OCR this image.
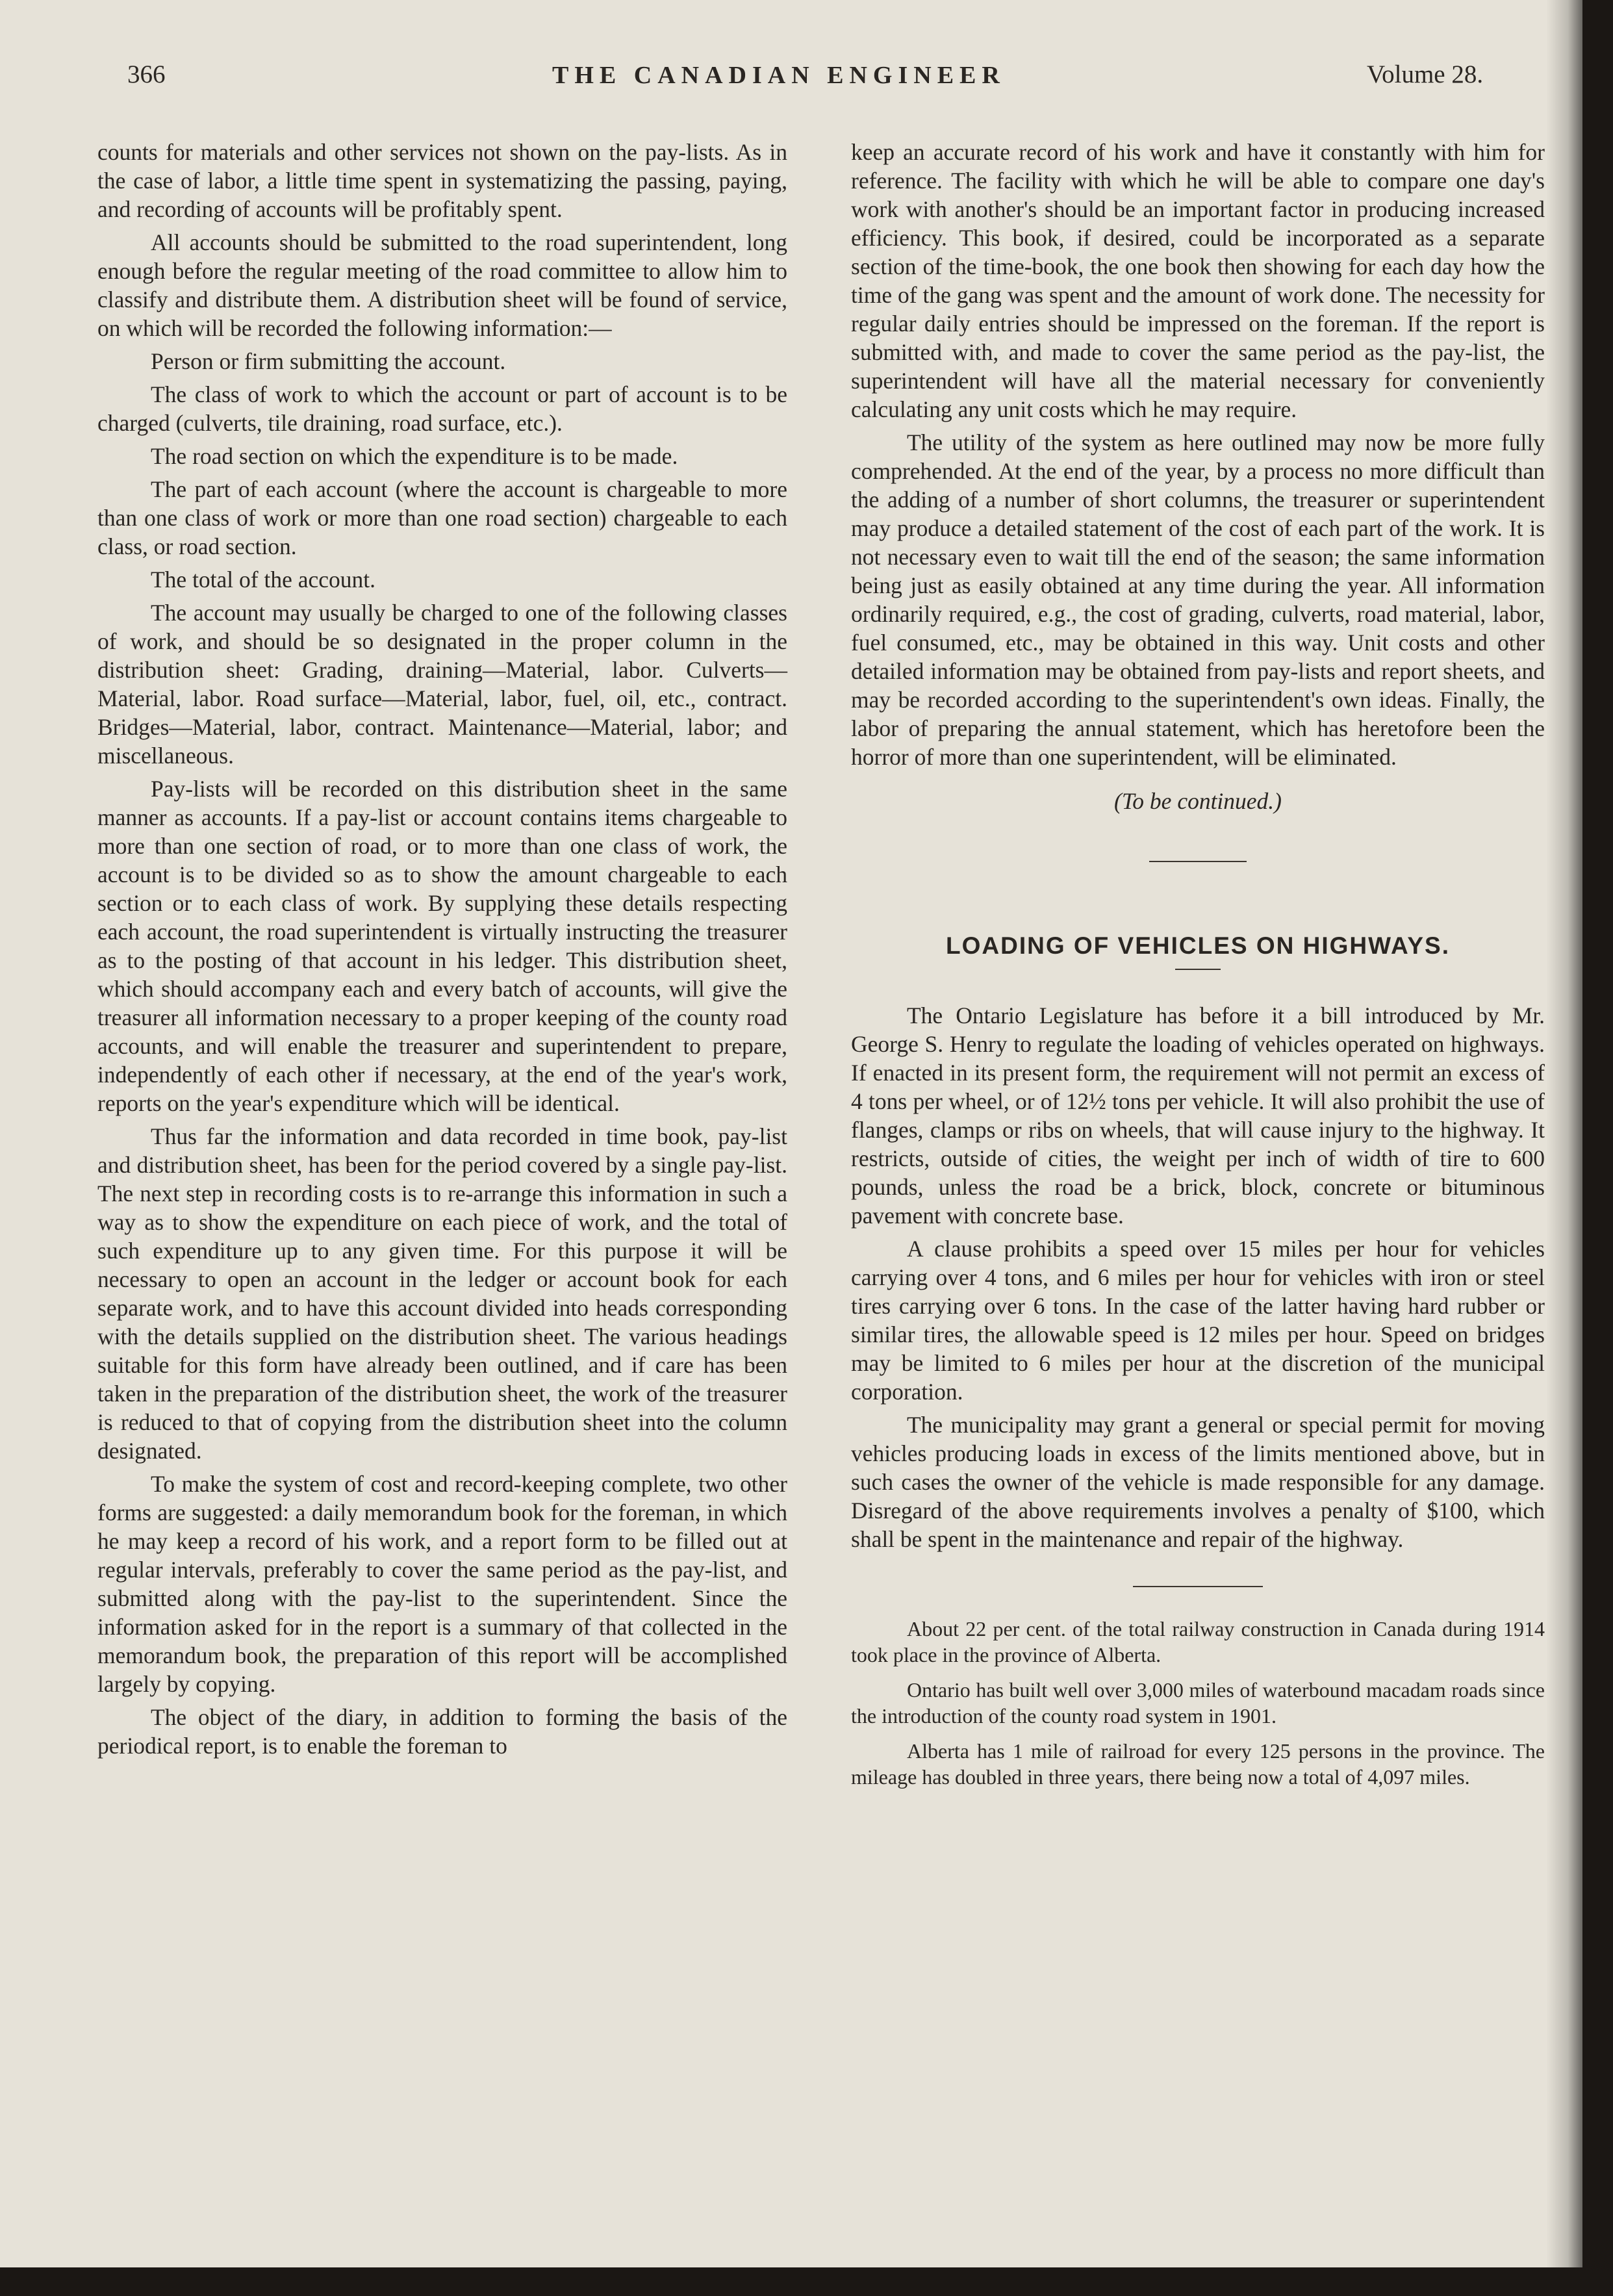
366	THE CANADIAN ENGINEER	Volume 28.

counts for materials and other services not shown on the pay-lists. As in the case of labor, a little time spent in systematizing the passing, paying, and recording of accounts will be profitably spent.

All accounts should be submitted to the road superintendent, long enough before the regular meeting of the road committee to allow him to classify and distribute them. A distribution sheet will be found of service, on which will be recorded the following information:—

Person or firm submitting the account.

The class of work to which the account or part of account is to be charged (culverts, tile draining, road surface, etc.).

The road section on which the expenditure is to be made.

The part of each account (where the account is chargeable to more than one class of work or more than one road section) chargeable to each class, or road section.

The total of the account.

The account may usually be charged to one of the following classes of work, and should be so designated in the proper column in the distribution sheet: Grading, draining—Material, labor. Culverts—Material, labor. Road surface—Material, labor, fuel, oil, etc., contract. Bridges—Material, labor, contract. Maintenance—Material, labor; and miscellaneous.

Pay-lists will be recorded on this distribution sheet in the same manner as accounts. If a pay-list or account contains items chargeable to more than one section of road, or to more than one class of work, the account is to be divided so as to show the amount chargeable to each section or to each class of work. By supplying these details respecting each account, the road superintendent is virtually instructing the treasurer as to the posting of that account in his ledger. This distribution sheet, which should accompany each and every batch of accounts, will give the treasurer all information necessary to a proper keeping of the county road accounts, and will enable the treasurer and superintendent to prepare, independently of each other if necessary, at the end of the year's work, reports on the year's expenditure which will be identical.

Thus far the information and data recorded in time book, pay-list and distribution sheet, has been for the period covered by a single pay-list. The next step in recording costs is to re-arrange this information in such a way as to show the expenditure on each piece of work, and the total of such expenditure up to any given time. For this purpose it will be necessary to open an account in the ledger or account book for each separate work, and to have this account divided into heads corresponding with the details supplied on the distribution sheet. The various headings suitable for this form have already been outlined, and if care has been taken in the preparation of the distribution sheet, the work of the treasurer is reduced to that of copying from the distribution sheet into the column designated.

To make the system of cost and record-keeping complete, two other forms are suggested: a daily memorandum book for the foreman, in which he may keep a record of his work, and a report form to be filled out at regular intervals, preferably to cover the same period as the pay-list, and submitted along with the pay-list to the superintendent. Since the information asked for in the report is a summary of that collected in the memorandum book, the preparation of this report will be accomplished largely by copying.

The object of the diary, in addition to forming the basis of the periodical report, is to enable the foreman to

keep an accurate record of his work and have it constantly with him for reference. The facility with which he will be able to compare one day's work with another's should be an important factor in producing increased efficiency. This book, if desired, could be incorporated as a separate section of the time-book, the one book then showing for each day how the time of the gang was spent and the amount of work done. The necessity for regular daily entries should be impressed on the foreman. If the report is submitted with, and made to cover the same period as the pay-list, the superintendent will have all the material necessary for conveniently calculating any unit costs which he may require.

The utility of the system as here outlined may now be more fully comprehended. At the end of the year, by a process no more difficult than the adding of a number of short columns, the treasurer or superintendent may produce a detailed statement of the cost of each part of the work. It is not necessary even to wait till the end of the season; the same information being just as easily obtained at any time during the year. All information ordinarily required, e.g., the cost of grading, culverts, road material, labor, fuel consumed, etc., may be obtained in this way. Unit costs and other detailed information may be obtained from pay-lists and report sheets, and may be recorded according to the superintendent's own ideas. Finally, the labor of preparing the annual statement, which has heretofore been the horror of more than one superintendent, will be eliminated.

(To be continued.)

LOADING OF VEHICLES ON HIGHWAYS.

The Ontario Legislature has before it a bill introduced by Mr. George S. Henry to regulate the loading of vehicles operated on highways. If enacted in its present form, the requirement will not permit an excess of 4 tons per wheel, or of 12½ tons per vehicle. It will also prohibit the use of flanges, clamps or ribs on wheels, that will cause injury to the highway. It restricts, outside of cities, the weight per inch of width of tire to 600 pounds, unless the road be a brick, block, concrete or bituminous pavement with concrete base.

A clause prohibits a speed over 15 miles per hour for vehicles carrying over 4 tons, and 6 miles per hour for vehicles with iron or steel tires carrying over 6 tons. In the case of the latter having hard rubber or similar tires, the allowable speed is 12 miles per hour. Speed on bridges may be limited to 6 miles per hour at the discretion of the municipal corporation.

The municipality may grant a general or special permit for moving vehicles producing loads in excess of the limits mentioned above, but in such cases the owner of the vehicle is made responsible for any damage. Disregard of the above requirements involves a penalty of $100, which shall be spent in the maintenance and repair of the highway.

About 22 per cent. of the total railway construction in Canada during 1914 took place in the province of Alberta.

Ontario has built well over 3,000 miles of waterbound macadam roads since the introduction of the county road system in 1901.

Alberta has 1 mile of railroad for every 125 persons in the province. The mileage has doubled in three years, there being now a total of 4,097 miles.
